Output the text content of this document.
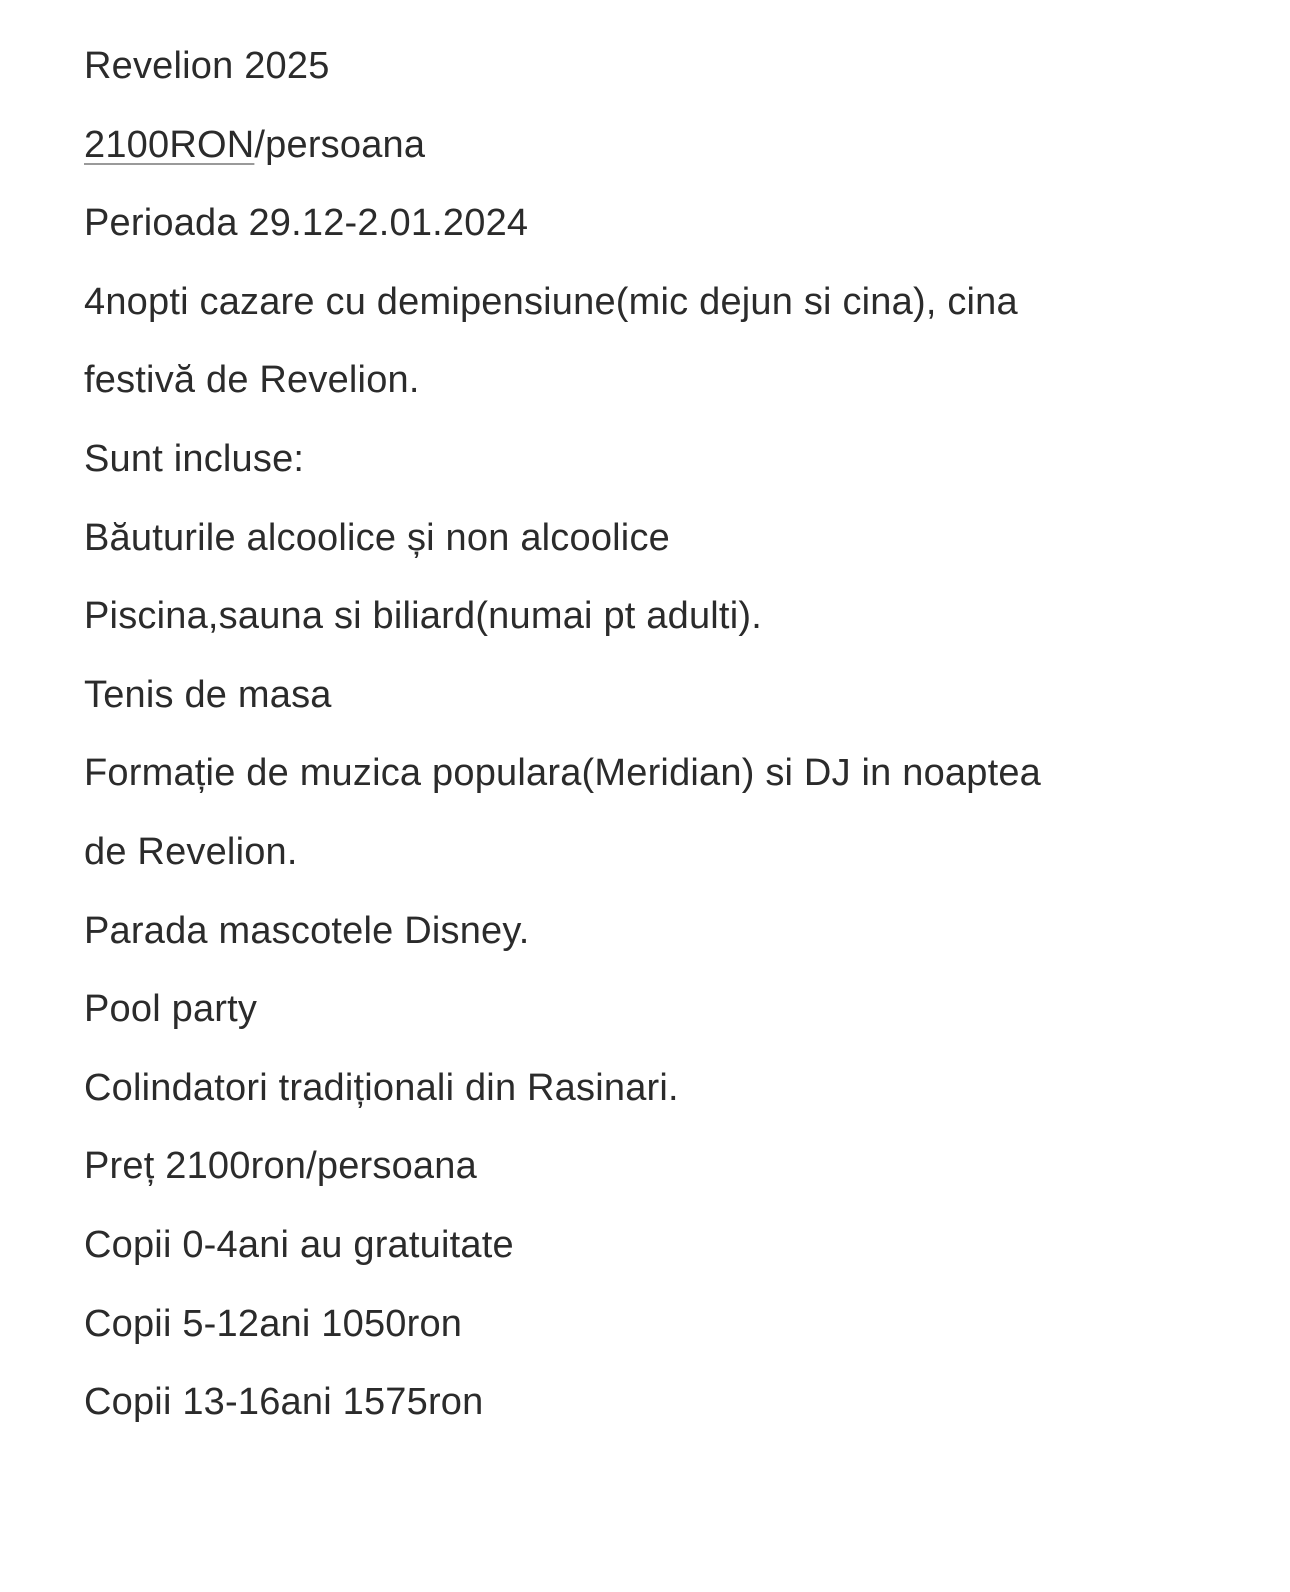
Revelion 2025
2100RON/persoana
Perioada 29.12-2.01.2024
4nopti cazare cu demipensiune(mic dejun si cina), cina
festivă de Revelion.
Sunt incluse:
Băuturile alcoolice și non alcoolice
Piscina,sauna si biliard(numai pt adulti).
Tenis de masa
Formație de muzica populara(Meridian) si DJ in noaptea
de Revelion.
Parada mascotele Disney.
Pool party
Colindatori tradiționali din Rasinari.
Preț 2100ron/persoana
Copii 0-4ani au gratuitate
Copii 5-12ani 1050ron
Copii 13-16ani 1575ron
